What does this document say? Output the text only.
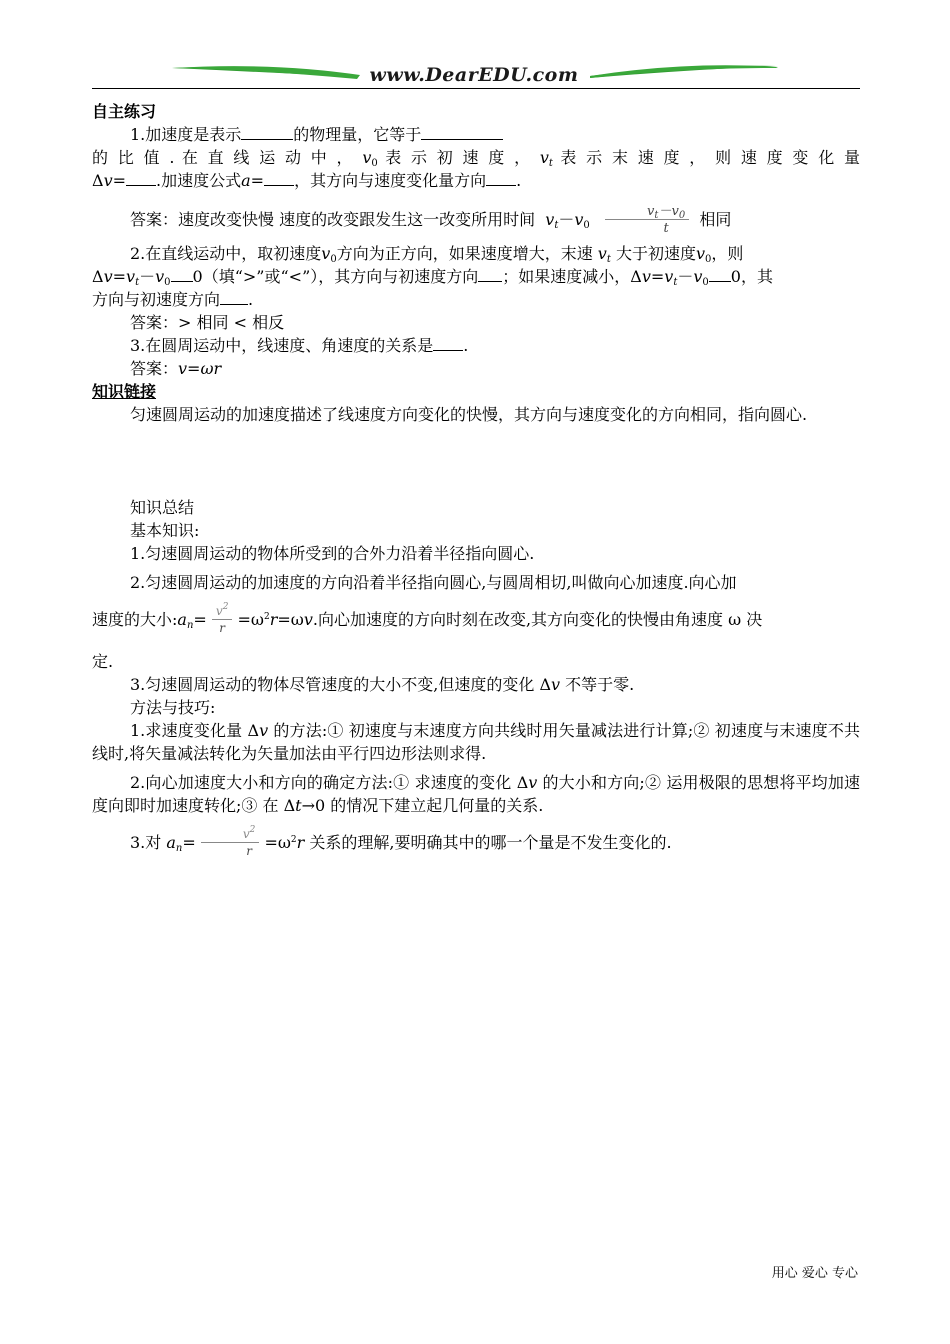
www.DearEDU.com

自主练习

1.加速度是表示	的物理量，它等于

的 比 值 . 在 直 线 运 动 中 ， $v_0$ 表 示 初 速 度 ， $v_t$ 表 示 末 速 度 ， 则 速 度 变 化 量

Δv= .加速度公式a= ，其方向与速度变化量方向 .

答案：速度改变快慢 速度的改变跟发生这一改变所用时间 $v_t-v_0 \frac{v_t-v_0}{t}$ 相同

2.在直线运动中，取初速度$v_0$方向为正方向，如果速度增大，末速 $v_t$ 大于初速度$v_0$，则

$\Delta v=v_t-v_0$ 0（填“>”或“<”），其方向与初速度方向 ；如果速度减小，$\Delta v=v_t-v_0$ 0，其

方向与初速度方向 .

答案：> 相同 < 相反

3.在圆周运动中，线速度、角速度的关系是 .

答案：v=ωr

知识链接

匀速圆周运动的加速度描述了线速度方向变化的快慢，其方向与速度变化的方向相同，指向圆心.

知识总结

基本知识:

1.匀速圆周运动的物体所受到的合外力沿着半径指向圆心.

2.匀速圆周运动的加速度的方向沿着半径指向圆心,与圆周相切,叫做向心加速度.向心加

速度的大小$:a_n= \frac{v^2}{r} =\omega^2r=\omega v$.向心加速度的方向时刻在改变,其方向变化的快慢由角速度 ω 决

定.

3.匀速圆周运动的物体尽管速度的大小不变,但速度的变化 Δv 不等于零.

方法与技巧:

1.求速度变化量 Δv 的方法:① 初速度与末速度方向共线时用矢量减法进行计算;② 初速度与末速度不共线时,将矢量减法转化为矢量加法由平行四边形法则求得.

2.向心加速度大小和方向的确定方法:① 求速度的变化 Δv 的大小和方向;② 运用极限的思想将平均加速度向即时加速度转化;③ 在 Δt→0 的情况下建立起几何量的关系.

3.对 $a_n= \frac{v^2}{r} =\omega^2r$ 关系的理解,要明确其中的哪一个量是不发生变化的.

用心 爱心 专心
